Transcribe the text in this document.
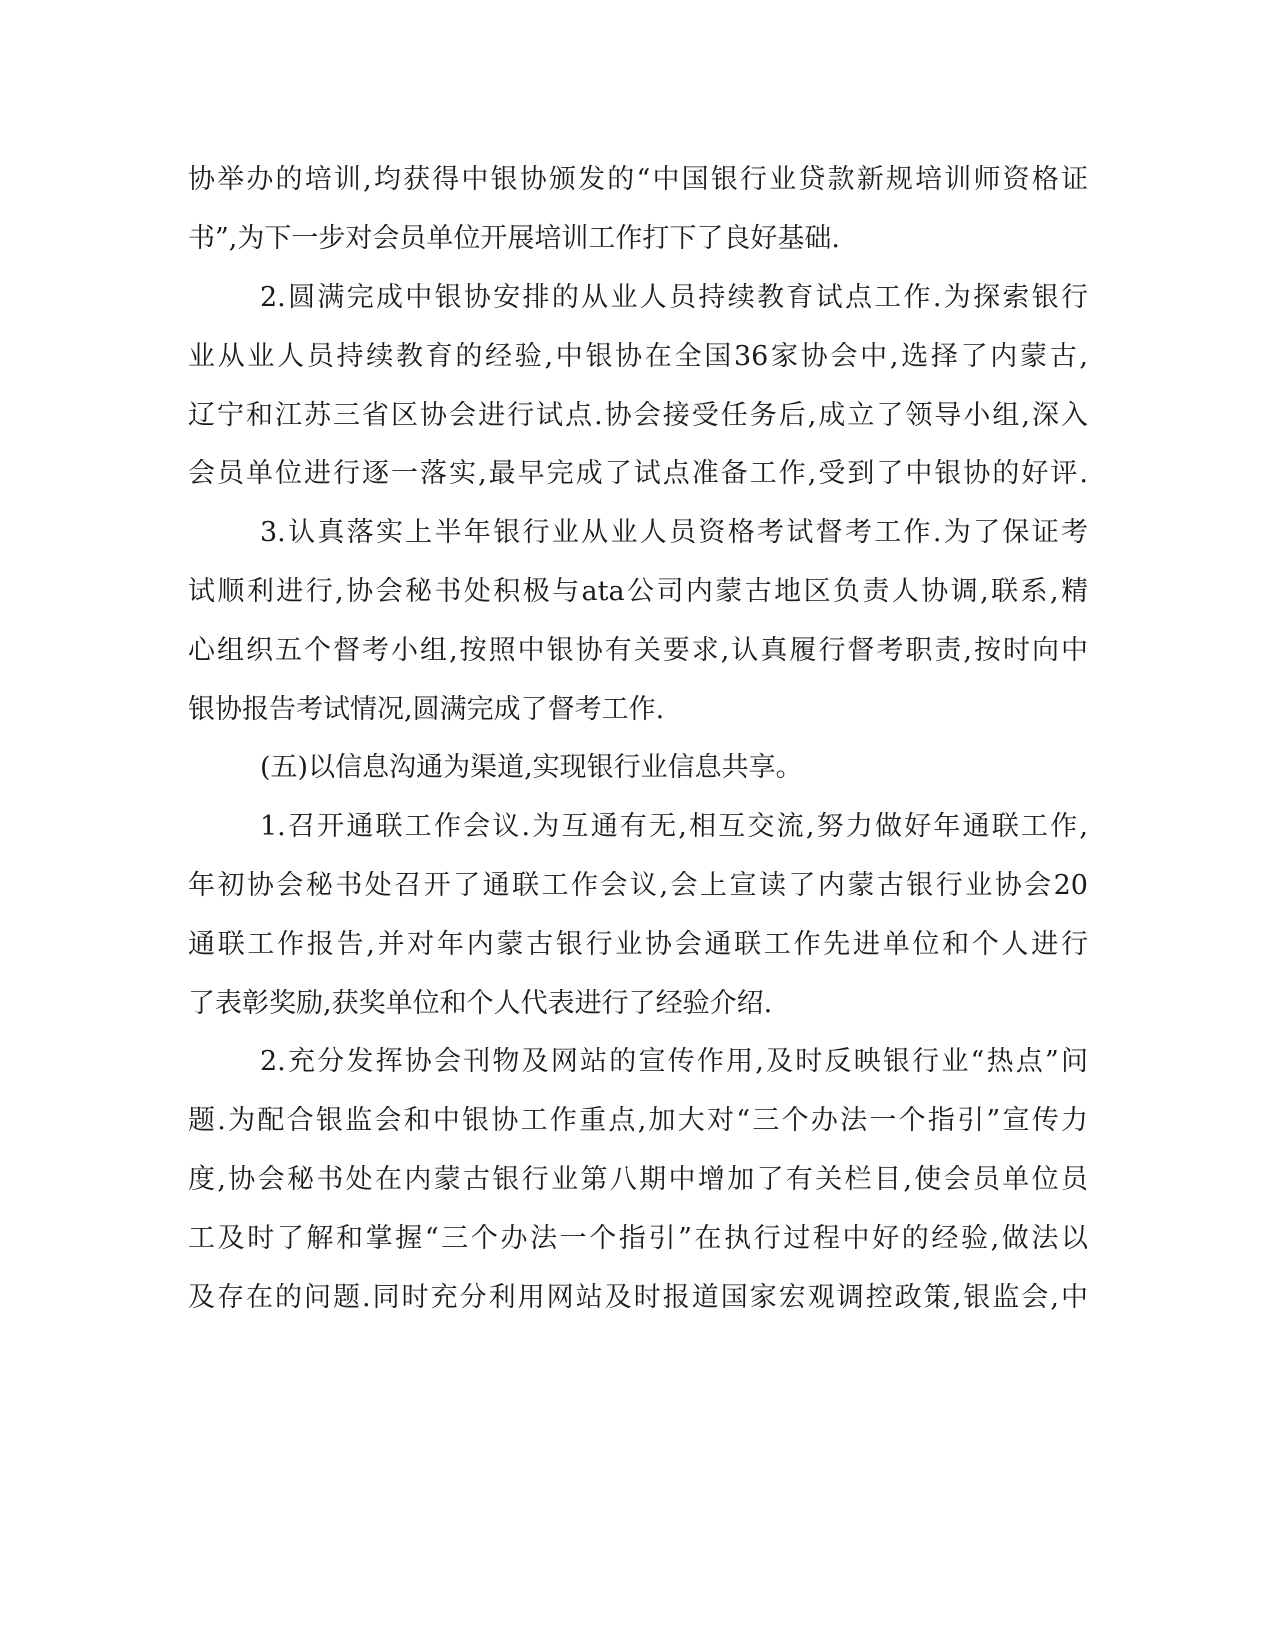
协举办的培训,均获得中银协颁发的“中国银行业贷款新规培训师资格证

书”,为下一步对会员单位开展培训工作打下了良好基础.

2.圆满完成中银协安排的从业人员持续教育试点工作.为探索银行

业从业人员持续教育的经验,中银协在全国36家协会中,选择了内蒙古,

辽宁和江苏三省区协会进行试点.协会接受任务后,成立了领导小组,深入

会员单位进行逐一落实,最早完成了试点准备工作,受到了中银协的好评.

3.认真落实上半年银行业从业人员资格考试督考工作.为了保证考

试顺利进行,协会秘书处积极与ata公司内蒙古地区负责人协调,联系,精

心组织五个督考小组,按照中银协有关要求,认真履行督考职责,按时向中

银协报告考试情况,圆满完成了督考工作.

(五)以信息沟通为渠道,实现银行业信息共享。

1.召开通联工作会议.为互通有无,相互交流,努力做好年通联工作,

年初协会秘书处召开了通联工作会议,会上宣读了内蒙古银行业协会20

通联工作报告,并对年内蒙古银行业协会通联工作先进单位和个人进行

了表彰奖励,获奖单位和个人代表进行了经验介绍.

2.充分发挥协会刊物及网站的宣传作用,及时反映银行业“热点”问

题.为配合银监会和中银协工作重点,加大对“三个办法一个指引”宣传力

度,协会秘书处在内蒙古银行业第八期中增加了有关栏目,使会员单位员

工及时了解和掌握“三个办法一个指引”在执行过程中好的经验,做法以

及存在的问题.同时充分利用网站及时报道国家宏观调控政策,银监会,中
